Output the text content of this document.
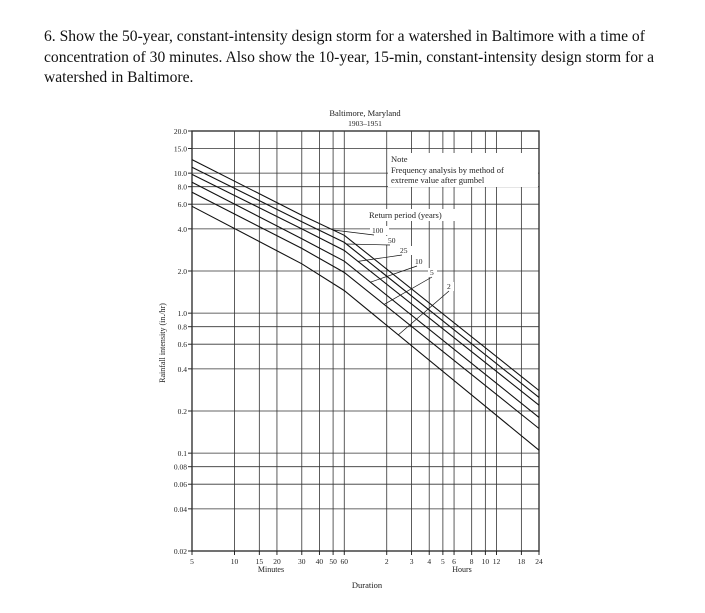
6. Show the 50-year, constant-intensity design storm for a watershed in Baltimore with a time of concentration of 30 minutes. Also show the 10-year, 15-min, constant-intensity design storm for a watershed in Baltimore.

20.0
15.0
10.0
8.0
6.0
4.0
2.0
1.0
0.8
0.6
0.4
0.2
0.1
0.08
0.06
0.04
0.02
5	10 15 20 30 40 50 60	2	3 4 5 6 8 10 12 18 24
100
50
25
10
5
2
Baltimore, Maryland
1903–1951
Rainfall intensity (in./hr)
Duration
Minutes	Hours
Note
Frequency analysis by method of
extreme value after gumbel
Return period (years)
